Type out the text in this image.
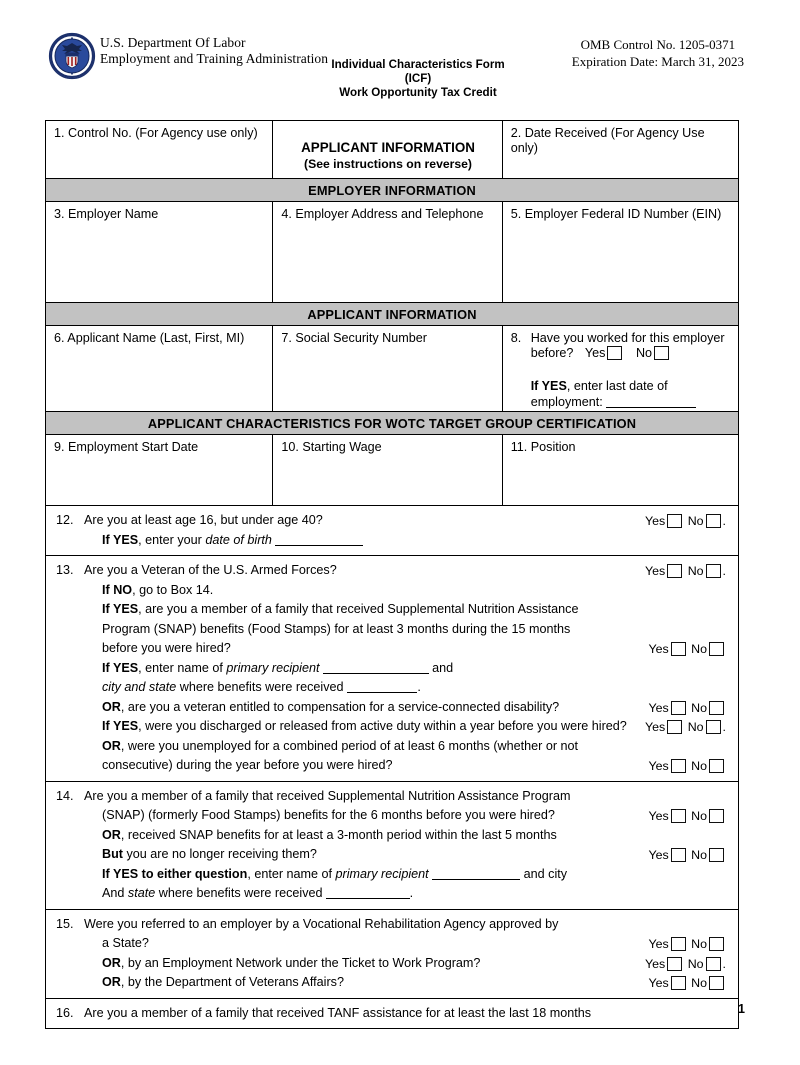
U.S. Department Of Labor
Employment and Training Administration Individual Characteristics Form (ICF)
Work Opportunity Tax Credit
OMB Control No. 1205-0371
Expiration Date: March 31, 2023
1. Control No. (For Agency use only)
APPLICANT INFORMATION
(See instructions on reverse)
2. Date Received (For Agency Use only)
EMPLOYER INFORMATION
3. Employer Name	4. Employer Address and Telephone	5. Employer Federal ID Number (EIN)
APPLICANT INFORMATION
6. Applicant Name (Last, First, MI)	7. Social Security Number	8. Have you worked for this employer
before? Yes No
If YES, enter last date of
employment:
APPLICANT CHARACTERISTICS FOR WOTC TARGET GROUP CERTIFICATION
9. Employment Start Date	10. Starting Wage	11. Position
12. Are you at least age 16, but under age 40?	Yes No .
If YES, enter your date of birth
13. Are you a Veteran of the U.S. Armed Forces?	Yes No .
If NO, go to Box 14.
If YES, are you a member of a family that received Supplemental Nutrition Assistance
Program (SNAP) benefits (Food Stamps) for at least 3 months during the 15 months
before you were hired?	Yes No
If YES, enter name of primary recipient	and
city and state where benefits were received	.
OR, are you a veteran entitled to compensation for a service-connected disability?	Yes No
If YES, were you discharged or released from active duty within a year before you were hired? Yes No .
OR, were you unemployed for a combined period of at least 6 months (whether or not
consecutive) during the year before you were hired?	Yes No
14. Are you a member of a family that received Supplemental Nutrition Assistance Program
(SNAP) (formerly Food Stamps) benefits for the 6 months before you were hired?	Yes No
OR, received SNAP benefits for at least a 3-month period within the last 5 months
But you are no longer receiving them?	Yes No
If YES to either question, enter name of primary recipient	and city
And state where benefits were received	.
15. Were you referred to an employer by a Vocational Rehabilitation Agency approved by
a State?	Yes No
OR, by an Employment Network under the Ticket to Work Program?	Yes No .
OR, by the Department of Veterans Affairs?	Yes No
16. Are you a member of a family that received TANF assistance for at least the last 18 months	1
